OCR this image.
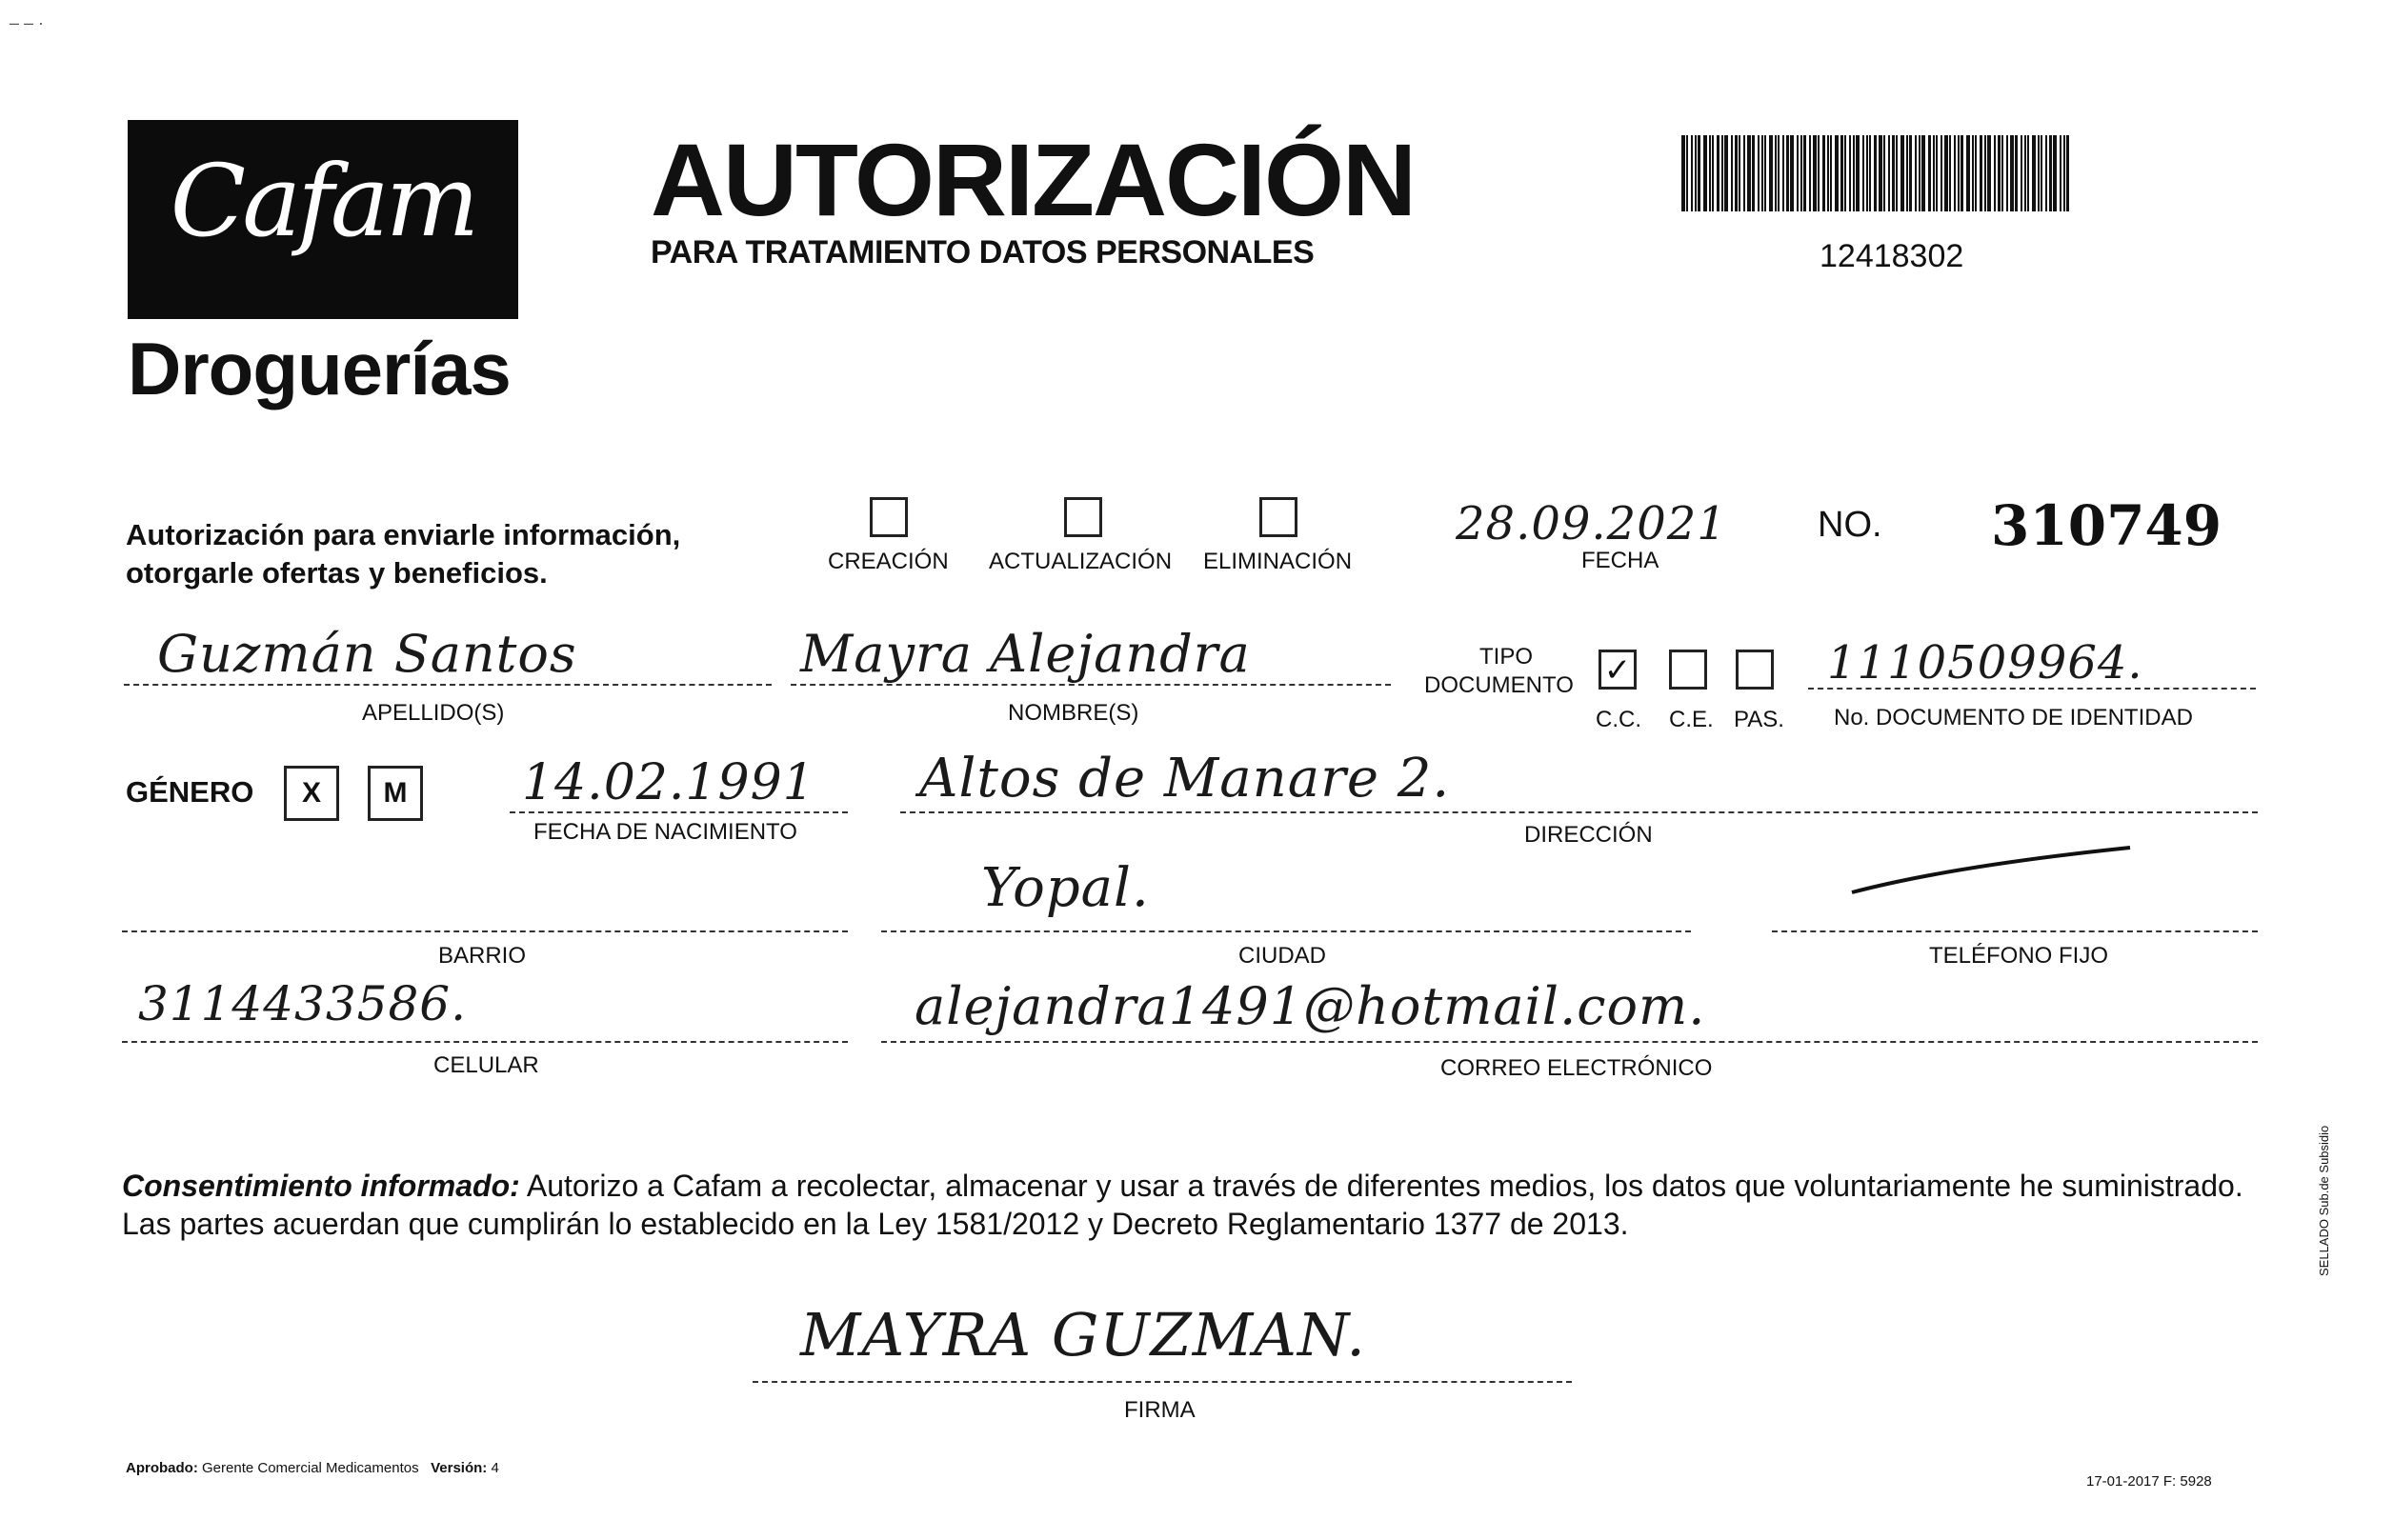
– – ·
Cafam
Droguerías
AUTORIZACIÓN
PARA TRATAMIENTO DATOS PERSONALES	12418302
Autorización para enviarle información,
otorgarle ofertas y beneficios.	CREACIÓN ACTUALIZACIÓN ELIMINACIÓN
28.09.2021
FECHA
NO. 310749
Guzmán Santos
APELLIDO(S)
Mayra Alejandra
NOMBRE(S)
TIPO
DOCUMENTO ✓
C.C. C.E. PAS.
1110509964.
No. DOCUMENTO DE IDENTIDAD
GÉNERO	X	M	14.02.1991
FECHA DE NACIMIENTO
Altos de Manare 2.
DIRECCIÓN
BARRIO
Yopal.
CIUDAD	TELÉFONO FIJO
3114433586.
CELULAR
alejandra1491@hotmail.com.
CORREO ELECTRÓNICO
Consentimiento informado: Autorizo a Cafam a recolectar, almacenar y usar a través de diferentes medios, los datos que voluntariamente he suministrado. Las partes acuerdan que cumplirán lo establecido en la Ley 1581/2012 y Decreto Reglamentario 1377 de 2013.
MAYRA GUZMAN.
FIRMA
Aprobado: Gerente Comercial Medicamentos Versión: 4
17-01-2017 F: 5928
SELLADO Sub.de Subsidio
